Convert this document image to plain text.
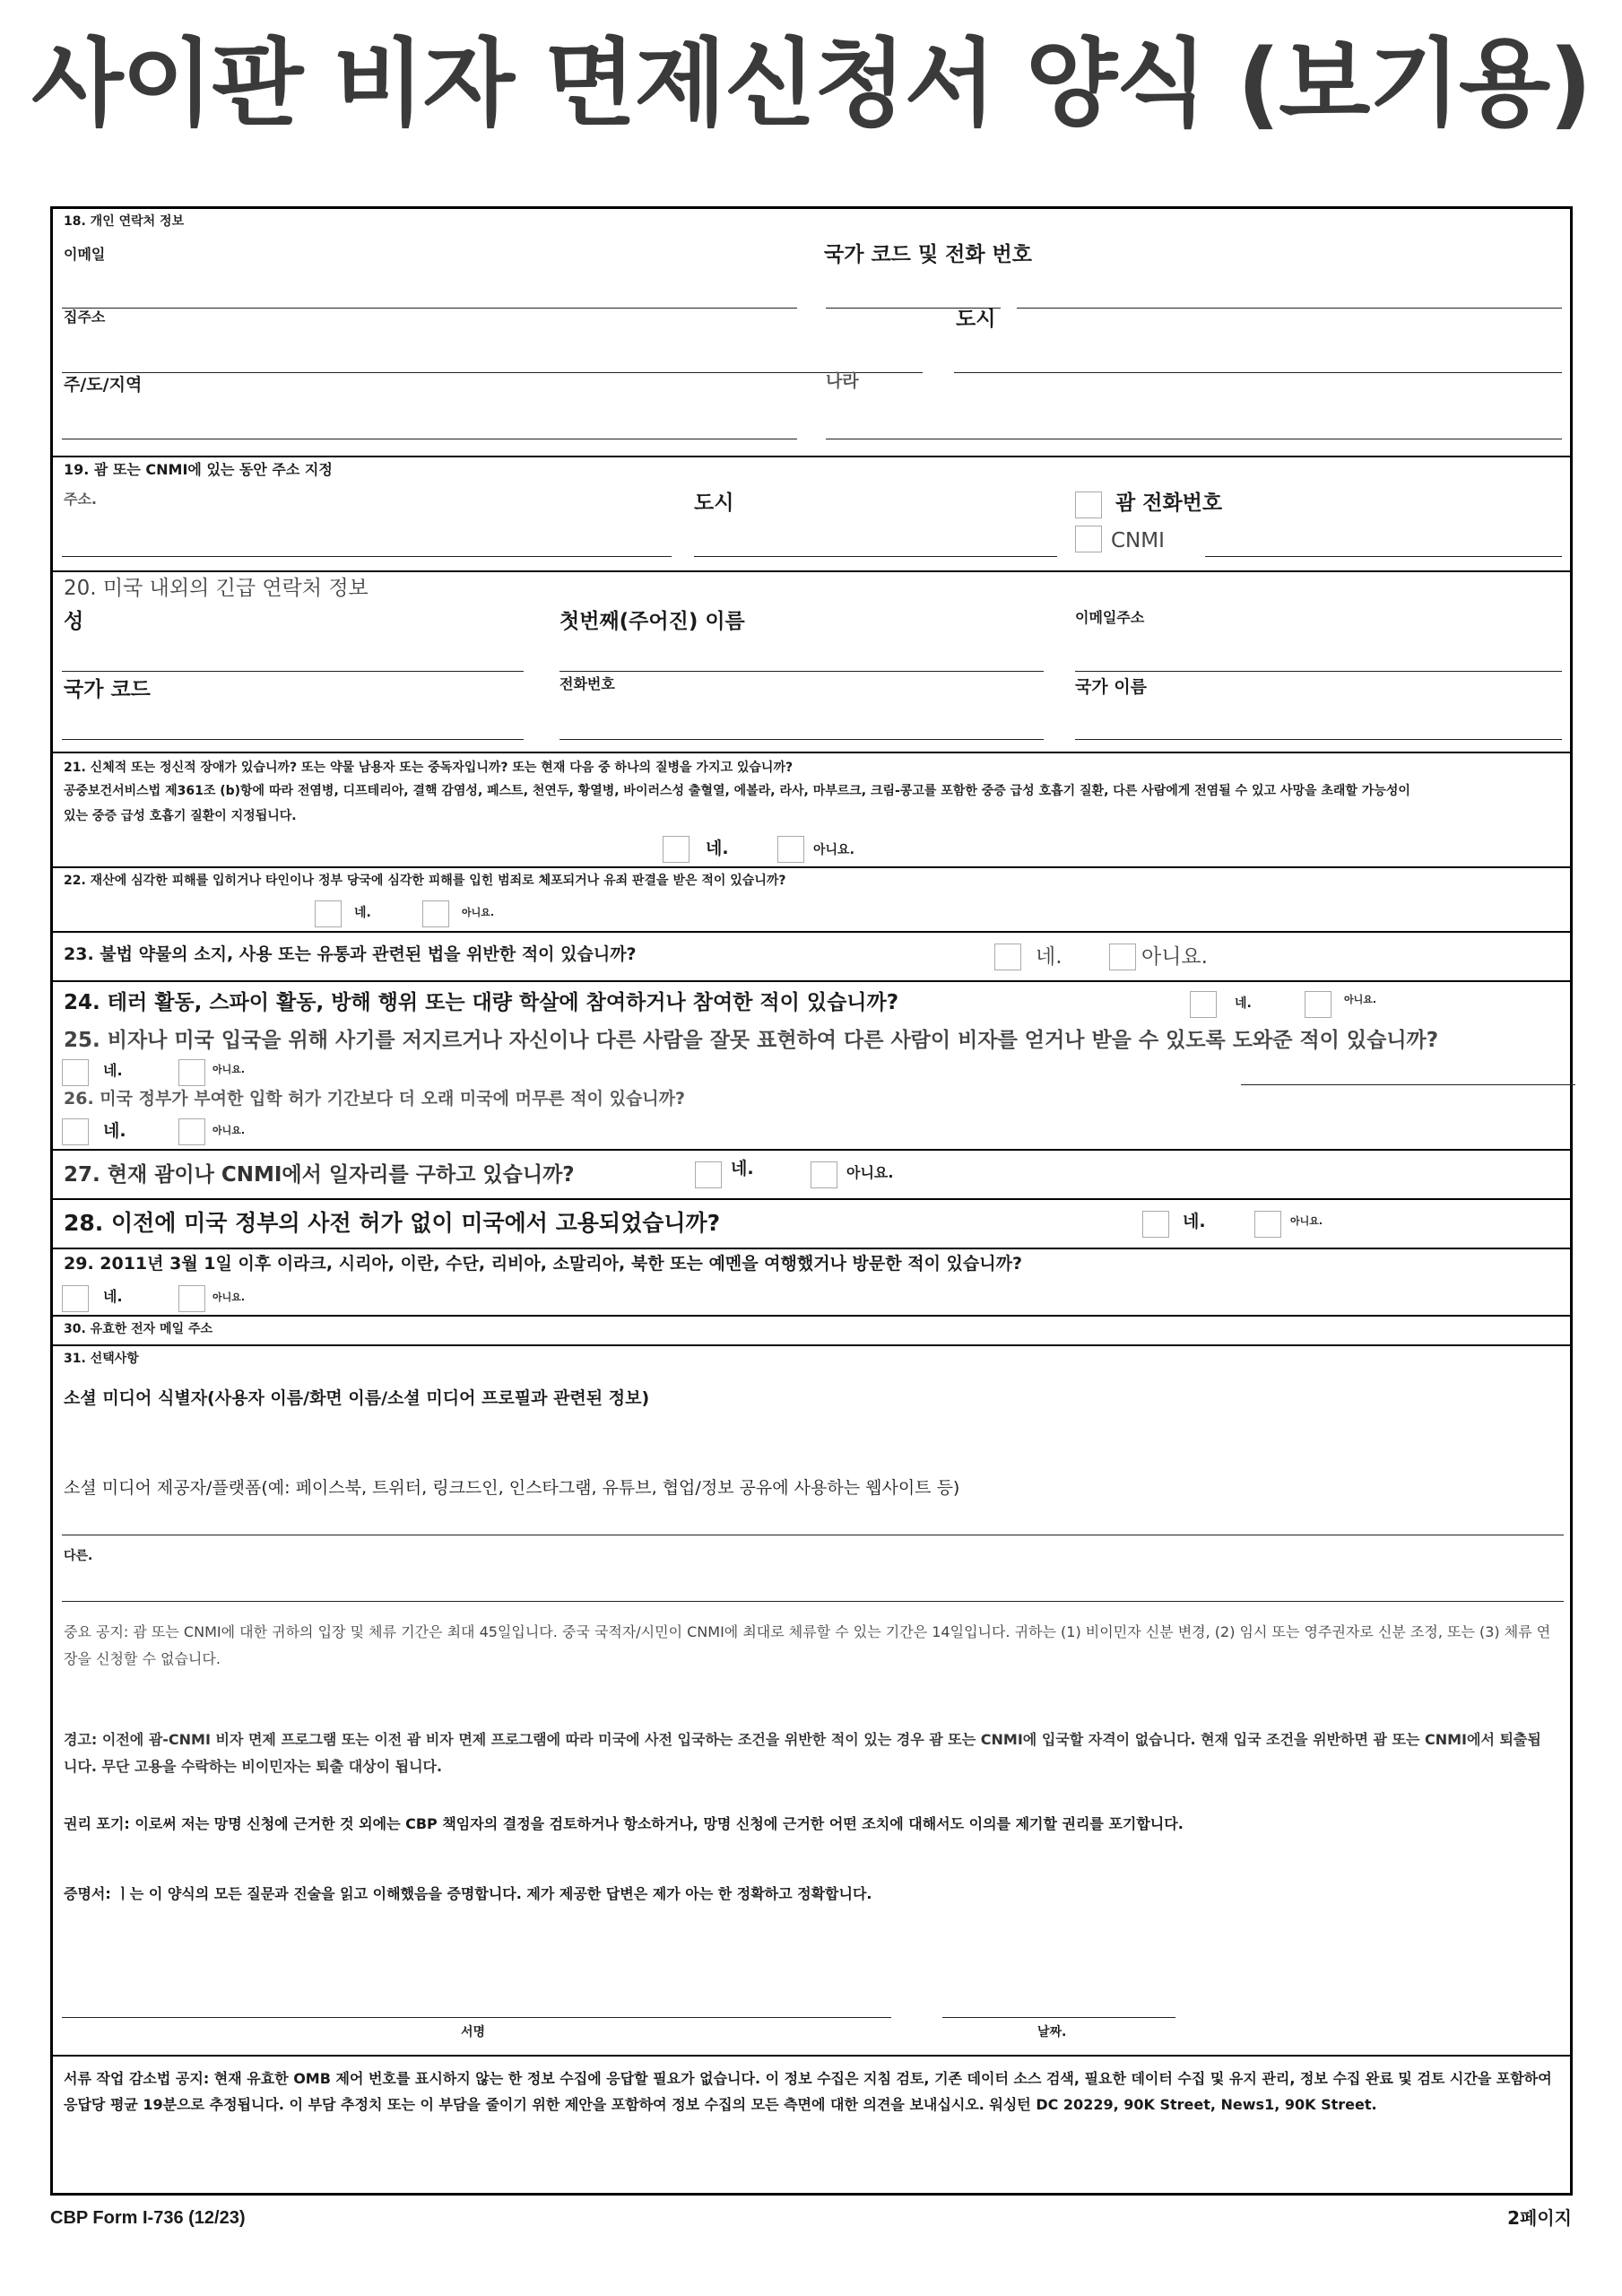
사이판 비자 면제신청서 양식 (보기용)
18. 개인 연락처 정보
이메일	국가 코드 및 전화 번호
집주소	도시
주/도/지역	나라
19. 괌 또는 CNMI에 있는 동안 주소 지정
주소.	도시	괌 전화번호
CNMI
20. 미국 내외의 긴급 연락처 정보
성	첫번째(주어진) 이름	이메일주소
국가 코드	전화번호	국가 이름
21. 신체적 또는 정신적 장애가 있습니까? 또는 약물 남용자 또는 중독자입니까? 또는 현재 다음 중 하나의 질병을 가지고 있습니까?
공중보건서비스법 제361조 (b)항에 따라 전염병, 디프테리아, 결핵 감염성, 페스트, 천연두, 황열병, 바이러스성 출혈열, 에볼라, 라사, 마부르크, 크림-콩고를 포함한 중증 급성 호흡기 질환, 다른 사람에게 전염될 수 있고 사망을 초래할 가능성이
있는 중증 급성 호흡기 질환이 지정됩니다.
네.	아니요.
22. 재산에 심각한 피해를 입히거나 타인이나 정부 당국에 심각한 피해를 입힌 범죄로 체포되거나 유죄 판결을 받은 적이 있습니까?
네.	아니요.
23. 불법 약물의 소지, 사용 또는 유통과 관련된 법을 위반한 적이 있습니까?	네.	아니요.
24. 테러 활동, 스파이 활동, 방해 행위 또는 대량 학살에 참여하거나 참여한 적이 있습니까?	네.	아니요.
25. 비자나 미국 입국을 위해 사기를 저지르거나 자신이나 다른 사람을 잘못 표현하여 다른 사람이 비자를 얻거나 받을 수 있도록 도와준 적이 있습니까?
네.	아니요.
26. 미국 정부가 부여한 입학 허가 기간보다 더 오래 미국에 머무른 적이 있습니까?
네.	아니요.
27. 현재 괌이나 CNMI에서 일자리를 구하고 있습니까?	네.	아니요.
28. 이전에 미국 정부의 사전 허가 없이 미국에서 고용되었습니까?	네.	아니요.
29. 2011년 3월 1일 이후 이라크, 시리아, 이란, 수단, 리비아, 소말리아, 북한 또는 예멘을 여행했거나 방문한 적이 있습니까?
네.	아니요.
30. 유효한 전자 메일 주소
31. 선택사항
소셜 미디어 식별자(사용자 이름/화면 이름/소셜 미디어 프로필과 관련된 정보)
소셜 미디어 제공자/플랫폼(예: 페이스북, 트위터, 링크드인, 인스타그램, 유튜브, 협업/정보 공유에 사용하는 웹사이트 등)
다른.
중요 공지: 괌 또는 CNMI에 대한 귀하의 입장 및 체류 기간은 최대 45일입니다. 중국 국적자/시민이 CNMI에 최대로 체류할 수 있는 기간은 14일입니다. 귀하는 (1) 비이민자 신분 변경, (2) 임시 또는 영주권자로 신분 조정, 또는 (3) 체류 연장을 신청할 수 없습니다.
경고: 이전에 괌-CNMI 비자 면제 프로그램 또는 이전 괌 비자 면제 프로그램에 따라 미국에 사전 입국하는 조건을 위반한 적이 있는 경우 괌 또는 CNMI에 입국할 자격이 없습니다. 현재 입국 조건을 위반하면 괌 또는 CNMI에서 퇴출됩니다. 무단 고용을 수락하는 비이민자는 퇴출 대상이 됩니다.
권리 포기: 이로써 저는 망명 신청에 근거한 것 외에는 CBP 책임자의 결정을 검토하거나 항소하거나, 망명 신청에 근거한 어떤 조치에 대해서도 이의를 제기할 권리를 포기합니다.
증명서: ㅣ는 이 양식의 모든 질문과 진술을 읽고 이해했음을 증명합니다. 제가 제공한 답변은 제가 아는 한 정확하고 정확합니다.
서명	날짜.
서류 작업 감소법 공지: 현재 유효한 OMB 제어 번호를 표시하지 않는 한 정보 수집에 응답할 필요가 없습니다. 이 정보 수집은 지침 검토, 기존 데이터 소스 검색, 필요한 데이터 수집 및 유지 관리, 정보 수집 완료 및 검토 시간을 포함하여 응답당 평균 19분으로 추정됩니다. 이 부담 추정치 또는 이 부담을 줄이기 위한 제안을 포함하여 정보 수집의 모든 측면에 대한 의견을 보내십시오. 워싱턴 DC 20229, 90K Street, News1, 90K Street.
CBP Form I-736 (12/23)	2페이지
